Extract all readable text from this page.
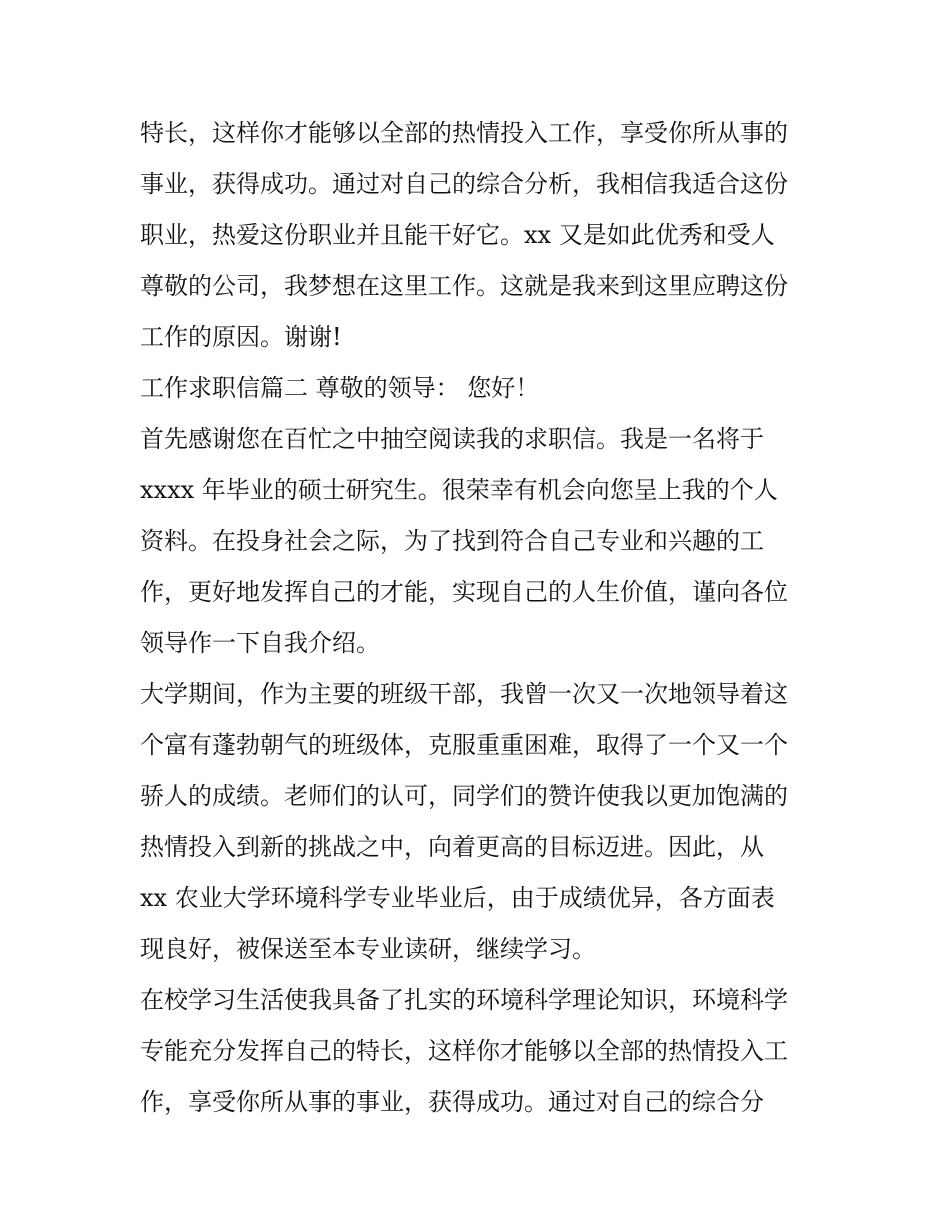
特长，这样你才能够以全部的热情投入工作，享受你所从事的
事业，获得成功。通过对自己的综合分析，我相信我适合这份
职业，热爱这份职业并且能干好它。xx 又是如此优秀和受人
尊敬的公司，我梦想在这里工作。这就是我来到这里应聘这份
工作的原因。谢谢!
工作求职信篇二 尊敬的领导： 您好！
首先感谢您在百忙之中抽空阅读我的求职信。我是一名将于
xxxx 年毕业的硕士研究生。很荣幸有机会向您呈上我的个人
资料。在投身社会之际，为了找到符合自己专业和兴趣的工
作，更好地发挥自己的才能，实现自己的人生价值，谨向各位
领导作一下自我介绍。
大学期间，作为主要的班级干部，我曾一次又一次地领导着这
个富有蓬勃朝气的班级体，克服重重困难，取得了一个又一个
骄人的成绩。老师们的认可，同学们的赞许使我以更加饱满的
热情投入到新的挑战之中，向着更高的目标迈进。因此，从
xx 农业大学环境科学专业毕业后，由于成绩优异，各方面表
现良好，被保送至本专业读研，继续学习。
在校学习生活使我具备了扎实的环境科学理论知识，环境科学
专能充分发挥自己的特长，这样你才能够以全部的热情投入工
作，享受你所从事的事业，获得成功。通过对自己的综合分
